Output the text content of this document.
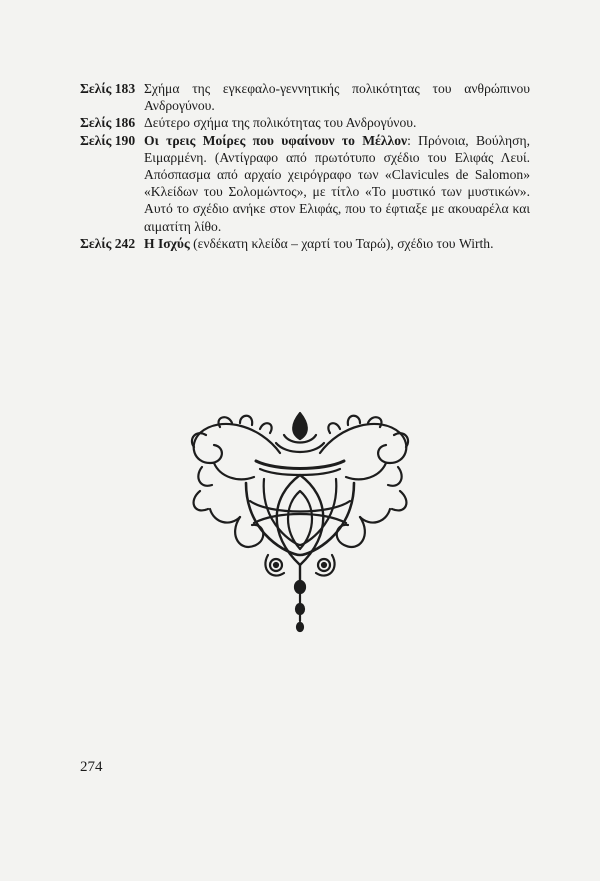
Σελίς 183 Σχήμα της εγκεφαλο-γεννητικής πολικότητας του ανθρώπινου Ανδρογύνου.
Σελίς 186 Δεύτερο σχήμα της πολικότητας του Ανδρογύνου.
Σελίς 190 Οι τρεις Μοίρες που υφαίνουν το Μέλλον: Πρόνοια, Βούληση, Ειμαρμένη. (Αντίγραφο από πρωτότυπο σχέδιο του Ελιφάς Λευί. Απόσπασμα από αρχαίο χειρόγραφο των «Clavicules de Salomon» «Κλείδων του Σολομώντος», με τίτλο «Το μυστικό των μυστικών». Αυτό το σχέδιο ανήκε στον Ελιφάς, που το έφτιαξε με ακουαρέλα και αιματίτη λίθο.
Σελίς 242 Η Ισχύς (ενδέκατη κλείδα – χαρτί του Ταρώ), σχέδιο του Wirth.
274
